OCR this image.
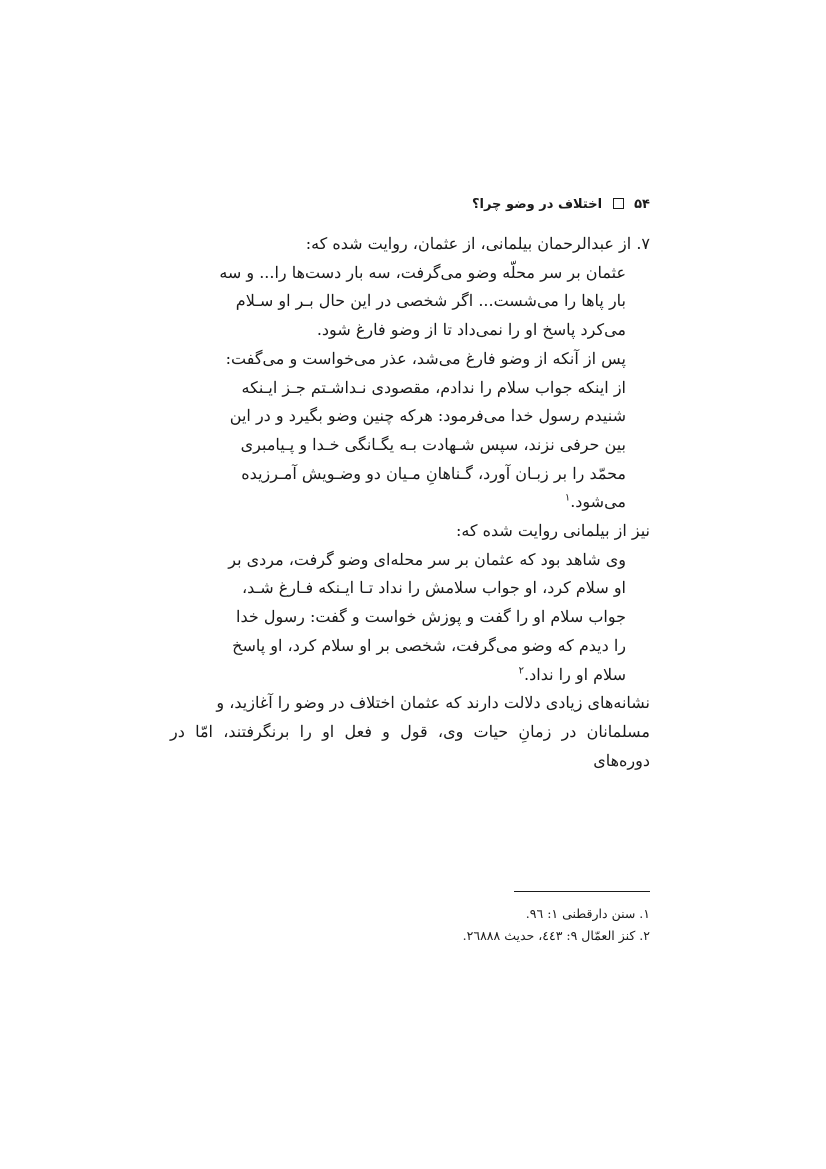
۵۴  اختلاف در وضو چرا؟

۷. از عبدالرحمان بیلمانی، از عثمان، روایت شده که:

عثمان بر سر محلّه وضو می‌گرفت، سه بار دست‌ها را... و سه

بار پاها را می‌شست... اگر شخصی در این حال بـر او سـلام

می‌کرد پاسخ او را نمی‌داد تا از وضو فارغ شود.

پس از آنکه از وضو فارغ می‌شد، عذر می‌خواست و می‌گفت:

از اینکه جواب سلام را ندادم، مقصودی نـداشـتم جـز ایـنکه

شنیدم رسول خدا می‌فرمود: هرکه چنین وضو بگیرد و در این

بین حرفی نزند، سپس شـهادت بـه یگـانگی خـدا و پـیامبری

محمّد را بر زبـان آورد، گـناهانِ مـیان دو وضـویش آمـرزیده

می‌شود.$^۱$

نیز از بیلمانی روایت شده که:

وی شاهد بود که عثمان بر سر محله‌ای وضو گرفت، مردی بر

او سلام کرد، او جواب سلامش را نداد تـا ایـنکه فـارغ شـد،

جواب سلام او را گفت و پوزش خواست و گفت: رسول خدا

را دیدم که وضو می‌گرفت، شخصی بر او سلام کرد، او پاسخ

سلام او را نداد.$^۲$

نشانه‌های زیادی دلالت دارند که عثمان اختلاف در وضو را آغازید، و

مسلمانان در زمانِ حیات وی، قول و فعل او را برنگرفتند، امّا در دوره‌های

۱. سنن دارقطنی ۱: ۹٦.

۲. کنز العمّال ۹: ٤٤٣، حدیث ٢٦٨٨٨.
